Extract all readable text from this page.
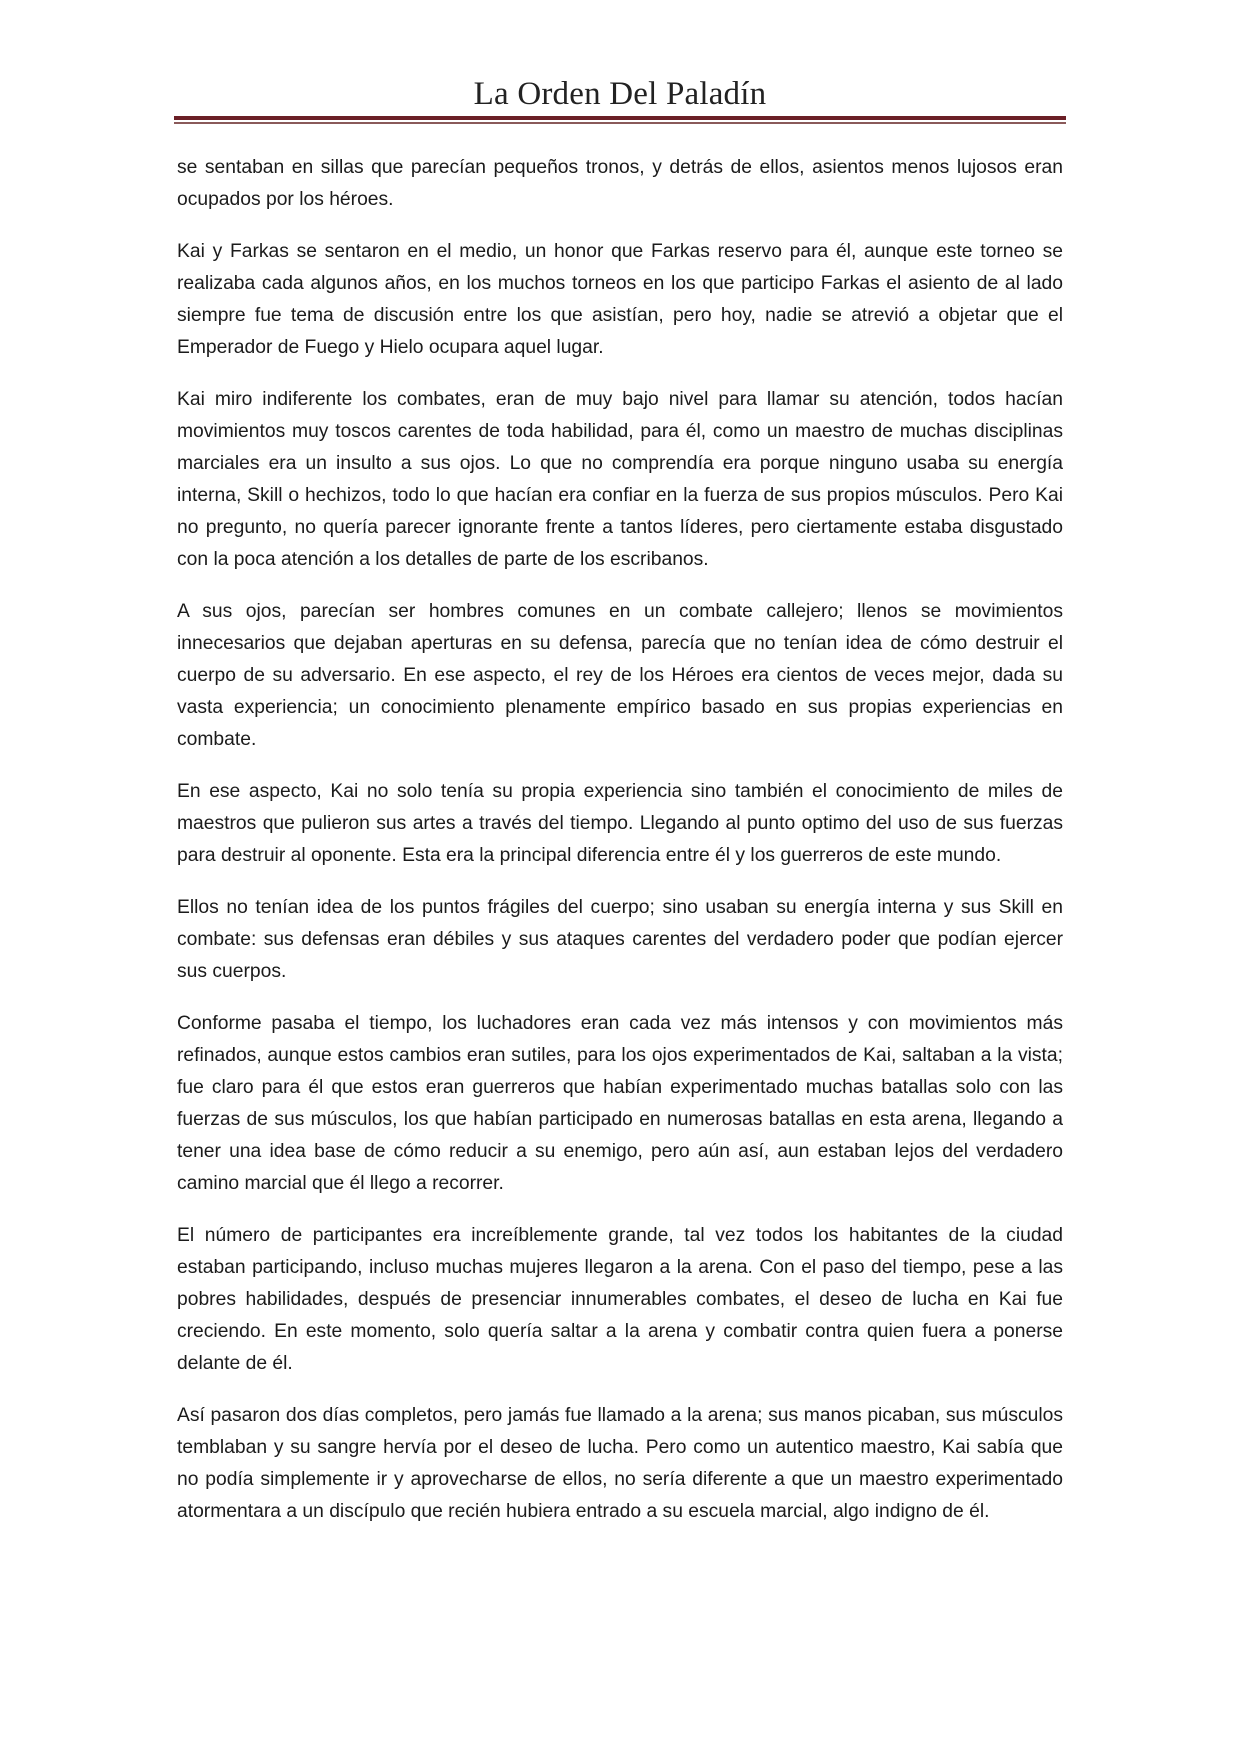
La Orden Del Paladín

se sentaban en sillas que parecían pequeños tronos, y detrás de ellos, asientos menos lujosos eran ocupados por los héroes.

Kai y Farkas se sentaron en el medio, un honor que Farkas reservo para él, aunque este torneo se realizaba cada algunos años, en los muchos torneos en los que participo Farkas el asiento de al lado siempre fue tema de discusión entre los que asistían, pero hoy, nadie se atrevió a objetar que el Emperador de Fuego y Hielo ocupara aquel lugar.

Kai miro indiferente los combates, eran de muy bajo nivel para llamar su atención, todos hacían movimientos muy toscos carentes de toda habilidad, para él, como un maestro de muchas disciplinas marciales era un insulto a sus ojos. Lo que no comprendía era porque ninguno usaba su energía interna, Skill o hechizos, todo lo que hacían era confiar en la fuerza de sus propios músculos. Pero Kai no pregunto, no quería parecer ignorante frente a tantos líderes, pero ciertamente estaba disgustado con la poca atención a los detalles de parte de los escribanos.

A sus ojos, parecían ser hombres comunes en un combate callejero; llenos se movimientos innecesarios que dejaban aperturas en su defensa, parecía que no tenían idea de cómo destruir el cuerpo de su adversario. En ese aspecto, el rey de los Héroes era cientos de veces mejor, dada su vasta experiencia; un conocimiento plenamente empírico basado en sus propias experiencias en combate.

En ese aspecto, Kai no solo tenía su propia experiencia sino también el conocimiento de miles de maestros que pulieron sus artes a través del tiempo. Llegando al punto optimo del uso de sus fuerzas para destruir al oponente. Esta era la principal diferencia entre él y los guerreros de este mundo.

Ellos no tenían idea de los puntos frágiles del cuerpo; sino usaban su energía interna y sus Skill en combate: sus defensas eran débiles y sus ataques carentes del verdadero poder que podían ejercer sus cuerpos.

Conforme pasaba el tiempo, los luchadores eran cada vez más intensos y con movimientos más refinados, aunque estos cambios eran sutiles, para los ojos experimentados de Kai, saltaban a la vista; fue claro para él que estos eran guerreros que habían experimentado muchas batallas solo con las fuerzas de sus músculos, los que habían participado en numerosas batallas en esta arena, llegando a tener una idea base de cómo reducir a su enemigo, pero aún así, aun estaban lejos del verdadero camino marcial que él llego a recorrer.

El número de participantes era increíblemente grande, tal vez todos los habitantes de la ciudad estaban participando, incluso muchas mujeres llegaron a la arena. Con el paso del tiempo, pese a las pobres habilidades, después de presenciar innumerables combates, el deseo de lucha en Kai fue creciendo. En este momento, solo quería saltar a la arena y combatir contra quien fuera a ponerse delante de él.

Así pasaron dos días completos, pero jamás fue llamado a la arena; sus manos picaban, sus músculos temblaban y su sangre hervía por el deseo de lucha. Pero como un autentico maestro, Kai sabía que no podía simplemente ir y aprovecharse de ellos, no sería diferente a que un maestro experimentado atormentara a un discípulo que recién hubiera entrado a su escuela marcial, algo indigno de él.
